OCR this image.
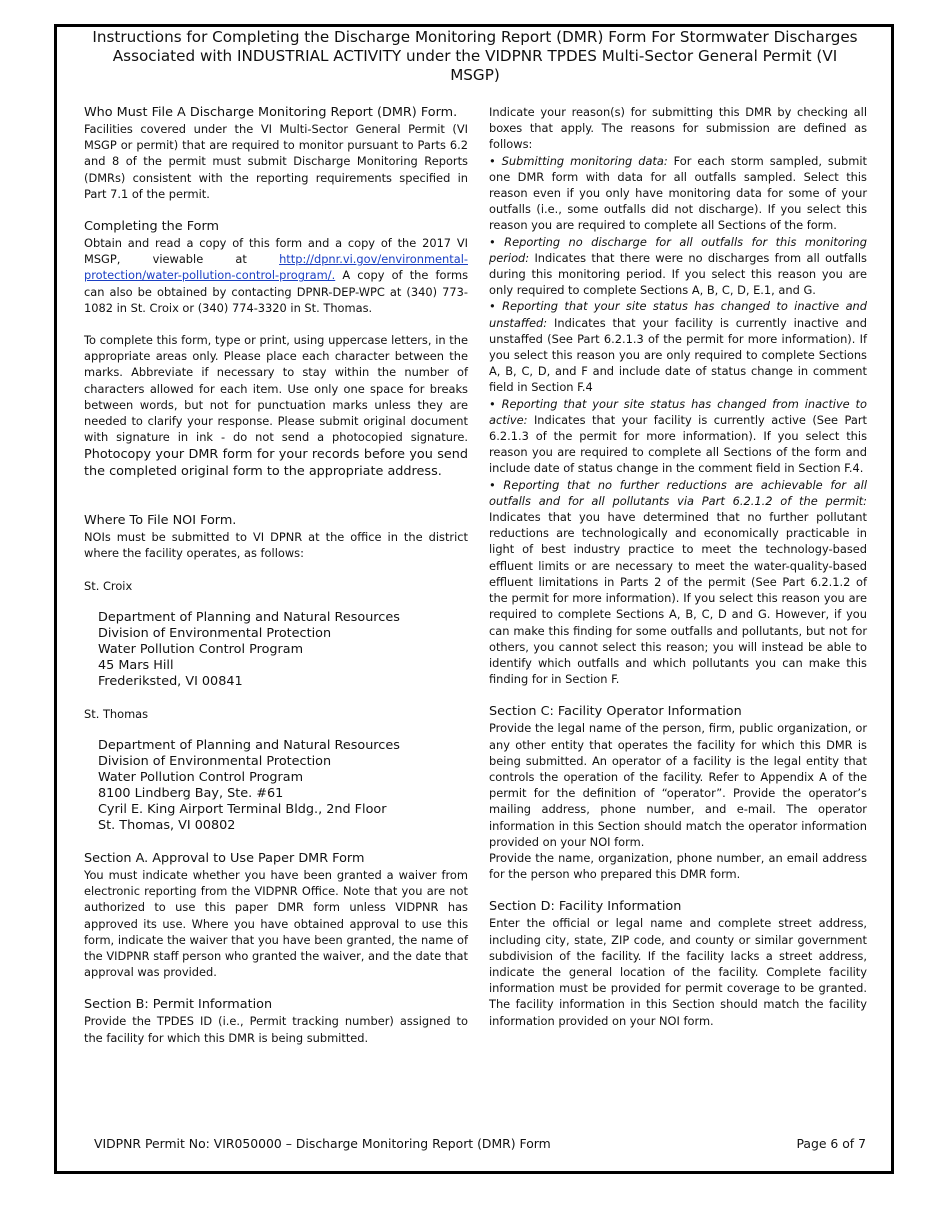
Instructions for Completing the Discharge Monitoring Report (DMR) Form For Stormwater Discharges
Associated with INDUSTRIAL ACTIVITY under the VIDPNR TPDES Multi-Sector General Permit (VI
MSGP)
Who Must File A Discharge Monitoring Report (DMR) Form.

Facilities covered under the VI Multi-Sector General Permit (VI MSGP or permit) that are required to monitor pursuant to Parts 6.2 and 8 of the permit must submit Discharge Monitoring Reports (DMRs) consistent with the reporting requirements specified in Part 7.1 of the permit.

Completing the Form

Obtain and read a copy of this form and a copy of the 2017 VI MSGP, viewable at http://dpnr.vi.gov/environmental-protection/water-pollution-control-program/. A copy of the forms can also be obtained by contacting DPNR-DEP-WPC at (340) 773-1082 in St. Croix or (340) 774-3320 in St. Thomas.

To complete this form, type or print, using uppercase letters, in the appropriate areas only. Please place each character between the marks. Abbreviate if necessary to stay within the number of characters allowed for each item. Use only one space for breaks between words, but not for punctuation marks unless they are needed to clarify your response. Please submit original document with signature in ink - do not send a photocopied signature. Photocopy your DMR form for your records before you send the completed original form to the appropriate address.

Where To File NOI Form.

NOIs must be submitted to VI DPNR at the office in the district where the facility operates, as follows:

St. Croix
Department of Planning and Natural Resources
Division of Environmental Protection
Water Pollution Control Program
45 Mars Hill
Frederiksted, VI 00841
St. Thomas
Department of Planning and Natural Resources
Division of Environmental Protection
Water Pollution Control Program
8100 Lindberg Bay, Ste. #61
Cyril E. King Airport Terminal Bldg., 2nd Floor
St. Thomas, VI 00802
Section A. Approval to Use Paper DMR Form

You must indicate whether you have been granted a waiver from electronic reporting from the VIDPNR Office. Note that you are not authorized to use this paper DMR form unless VIDPNR has approved its use. Where you have obtained approval to use this form, indicate the waiver that you have been granted, the name of the VIDPNR staff person who granted the waiver, and the date that approval was provided.

Section B: Permit Information

Provide the TPDES ID (i.e., Permit tracking number) assigned to the facility for which this DMR is being submitted.

Indicate your reason(s) for submitting this DMR by checking all boxes that apply. The reasons for submission are defined as follows:

• Submitting monitoring data: For each storm sampled, submit one DMR form with data for all outfalls sampled. Select this reason even if you only have monitoring data for some of your outfalls (i.e., some outfalls did not discharge). If you select this reason you are required to complete all Sections of the form.

• Reporting no discharge for all outfalls for this monitoring period: Indicates that there were no discharges from all outfalls during this monitoring period. If you select this reason you are only required to complete Sections A, B, C, D, E.1, and G.

• Reporting that your site status has changed to inactive and unstaffed: Indicates that your facility is currently inactive and unstaffed (See Part 6.2.1.3 of the permit for more information). If you select this reason you are only required to complete Sections A, B, C, D, and F and include date of status change in comment field in Section F.4

• Reporting that your site status has changed from inactive to active: Indicates that your facility is currently active (See Part 6.2.1.3 of the permit for more information). If you select this reason you are required to complete all Sections of the form and include date of status change in the comment field in Section F.4.

• Reporting that no further reductions are achievable for all outfalls and for all pollutants via Part 6.2.1.2 of the permit: Indicates that you have determined that no further pollutant reductions are technologically and economically practicable in light of best industry practice to meet the technology-based effluent limits or are necessary to meet the water-quality-based effluent limitations in Parts 2 of the permit (See Part 6.2.1.2 of the permit for more information). If you select this reason you are required to complete Sections A, B, C, D and G. However, if you can make this finding for some outfalls and pollutants, but not for others, you cannot select this reason; you will instead be able to identify which outfalls and which pollutants you can make this finding for in Section F.

Section C: Facility Operator Information

Provide the legal name of the person, firm, public organization, or any other entity that operates the facility for which this DMR is being submitted. An operator of a facility is the legal entity that controls the operation of the facility. Refer to Appendix A of the permit for the definition of “operator”. Provide the operator’s mailing address, phone number, and e-mail. The operator information in this Section should match the operator information provided on your NOI form.

Provide the name, organization, phone number, an email address for the person who prepared this DMR form.

Section D: Facility Information

Enter the official or legal name and complete street address, including city, state, ZIP code, and county or similar government subdivision of the facility. If the facility lacks a street address, indicate the general location of the facility. Complete facility information must be provided for permit coverage to be granted. The facility information in this Section should match the facility information provided on your NOI form.

VIDPNR Permit No: VIR050000 – Discharge Monitoring Report (DMR) Form	Page 6 of 7
